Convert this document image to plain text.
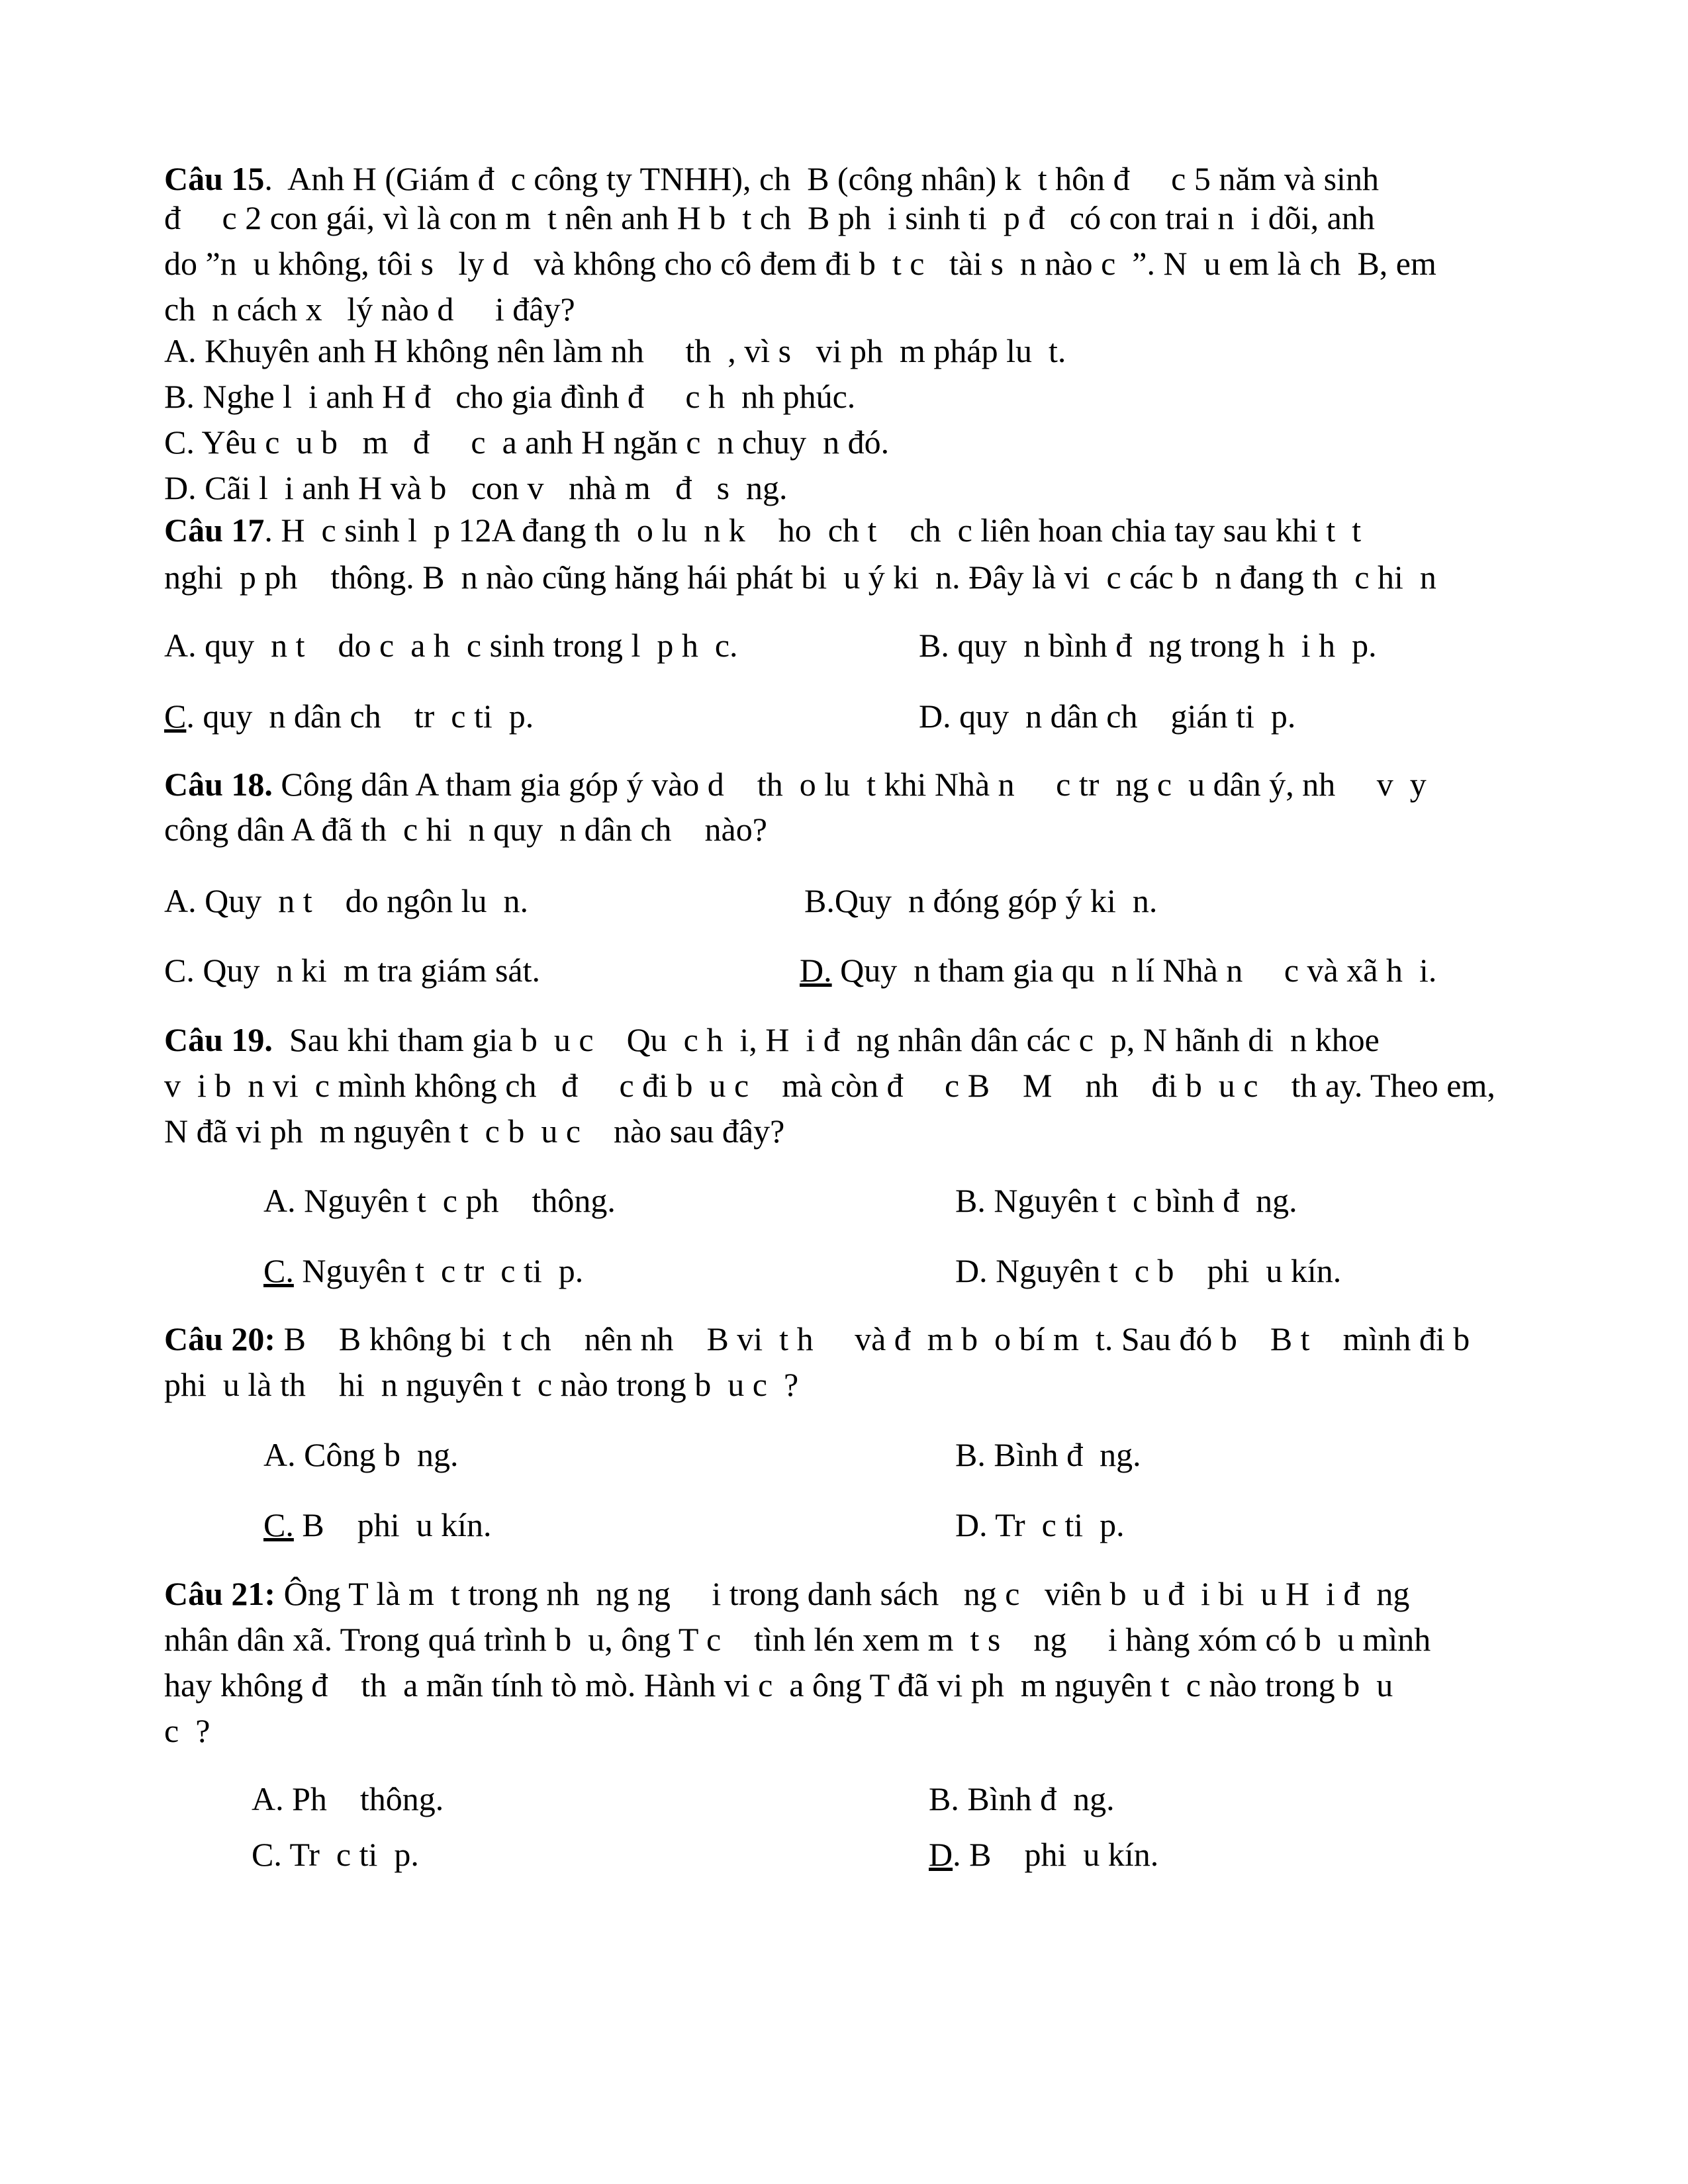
Câu 15.  Anh H (Giám đ  c công ty TNHH), ch  B (công nhân) k  t hôn đ     c 5 năm và sinh
đ     c 2 con gái, vì là con m  t nên anh H b  t ch  B ph  i sinh ti  p đ   có con trai n  i dõi, anh
do ”n  u không, tôi s   ly d   và không cho cô đem đi b  t c   tài s  n nào c  ”. N  u em là ch  B, em
ch  n cách x   lý nào d     i đây?
A. Khuyên anh H không nên làm nh     th  , vì s   vi ph  m pháp lu  t.
B. Nghe l  i anh H đ   cho gia đình đ     c h  nh phúc.
C. Yêu c  u b   m   đ     c  a anh H ngăn c  n chuy  n đó.
D. Cãi l  i anh H và b   con v   nhà m   đ   s  ng.
Câu 17. H  c sinh l  p 12A đang th  o lu  n k    ho  ch t    ch  c liên hoan chia tay sau khi t  t
nghi  p ph    thông. B  n nào cũng hăng hái phát bi  u ý ki  n. Đây là vi  c các b  n đang th  c hi  n
A. quy  n t    do c  a h  c sinh trong l  p h  c.	B. quy  n bình đ  ng trong h  i h  p.
C. quy  n dân ch    tr  c ti  p.	D. quy  n dân ch    gián ti  p.
Câu 18. Công dân A tham gia góp ý vào d    th  o lu  t khi Nhà n     c tr  ng c  u dân ý, nh     v  y
công dân A đã th  c hi  n quy  n dân ch    nào?
A. Quy  n t    do ngôn lu  n.	B.Quy  n đóng góp ý ki  n.
C. Quy  n ki  m tra giám sát.	D. Quy  n tham gia qu  n lí Nhà n     c và xã h  i.
Câu 19.  Sau khi tham gia b  u c    Qu  c h  i, H  i đ  ng nhân dân các c  p, N hãnh di  n khoe
v  i b  n vi  c mình không ch   đ     c đi b  u c    mà còn đ     c B    M    nh    đi b  u c    th ay. Theo em,
N đã vi ph  m nguyên t  c b  u c    nào sau đây?
A. Nguyên t  c ph    thông.	B. Nguyên t  c bình đ  ng.
C. Nguyên t  c tr  c ti  p.	D. Nguyên t  c b    phi  u kín.
Câu 20: B    B không bi  t ch    nên nh    B vi  t h     và đ  m b  o bí m  t. Sau đó b    B t    mình đi b
phi  u là th    hi  n nguyên t  c nào trong b  u c  ?
A. Công b  ng.	B. Bình đ  ng.
C. B    phi  u kín.	D. Tr  c ti  p.
Câu 21: Ông T là m  t trong nh  ng ng     i trong danh sách   ng c   viên b  u đ  i bi  u H  i đ  ng
nhân dân xã. Trong quá trình b  u, ông T c    tình lén xem m  t s    ng     i hàng xóm có b  u mình
hay không đ    th  a mãn tính tò mò. Hành vi c  a ông T đã vi ph  m nguyên t  c nào trong b  u
c  ?
A. Ph    thông.	B. Bình đ  ng.
C. Tr  c ti  p.	D. B    phi  u kín.
